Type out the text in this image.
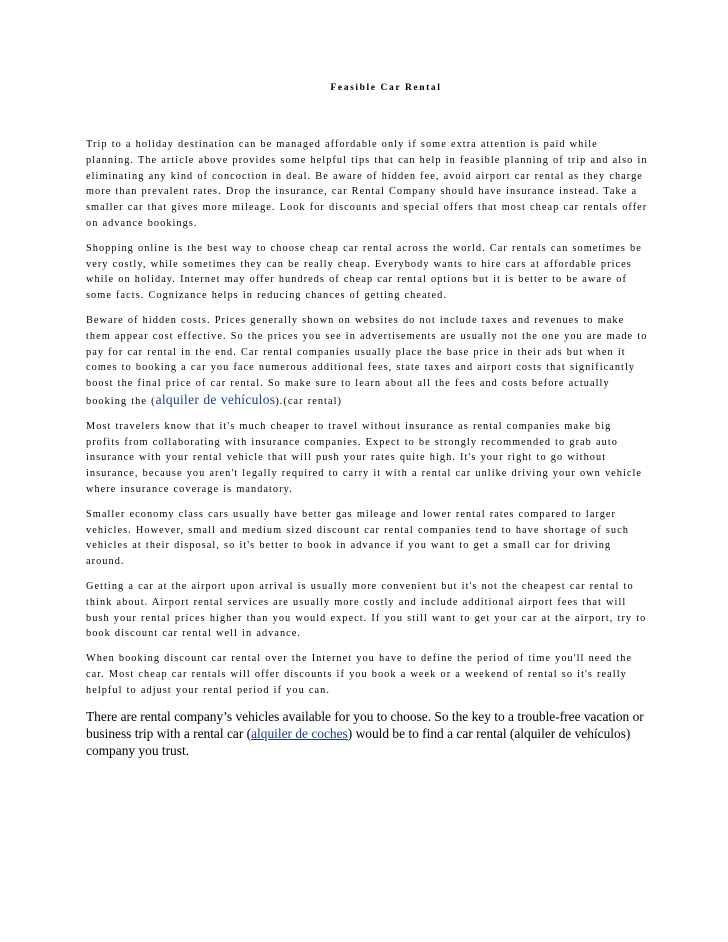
Feasible Car Rental

Trip to a holiday destination can be managed affordable only if some extra attention is paid while planning. The article above provides some helpful tips that can help in feasible planning of trip and also in eliminating any kind of concoction in deal. Be aware of hidden fee, avoid airport car rental as they charge more than prevalent rates. Drop the insurance, car Rental Company should have insurance instead. Take a smaller car that gives more mileage. Look for discounts and special offers that most cheap car rentals offer on advance bookings.

Shopping online is the best way to choose cheap car rental across the world. Car rentals can sometimes be very costly, while sometimes they can be really cheap. Everybody wants to hire cars at affordable prices while on holiday. Internet may offer hundreds of cheap car rental options but it is better to be aware of some facts. Cognizance helps in reducing chances of getting cheated.

Beware of hidden costs. Prices generally shown on websites do not include taxes and revenues to make them appear cost effective. So the prices you see in advertisements are usually not the one you are made to pay for car rental in the end. Car rental companies usually place the base price in their ads but when it comes to booking a car you face numerous additional fees, state taxes and airport costs that significantly boost the final price of car rental. So make sure to learn about all the fees and costs before actually booking the (alquiler de vehículos).(car rental)

Most travelers know that it's much cheaper to travel without insurance as rental companies make big profits from collaborating with insurance companies. Expect to be strongly recommended to grab auto insurance with your rental vehicle that will push your rates quite high. It's your right to go without insurance, because you aren't legally required to carry it with a rental car unlike driving your own vehicle where insurance coverage is mandatory.

Smaller economy class cars usually have better gas mileage and lower rental rates compared to larger vehicles. However, small and medium sized discount car rental companies tend to have shortage of such vehicles at their disposal, so it's better to book in advance if you want to get a small car for driving around.

Getting a car at the airport upon arrival is usually more convenient but it's not the cheapest car rental to think about. Airport rental services are usually more costly and include additional airport fees that will bush your rental prices higher than you would expect. If you still want to get your car at the airport, try to book discount car rental well in advance.

When booking discount car rental over the Internet you have to define the period of time you'll need the car. Most cheap car rentals will offer discounts if you book a week or a weekend of rental so it's really helpful to adjust your rental period if you can.

There are rental company’s vehicles available for you to choose. So the key to a trouble-free vacation or business trip with a rental car (alquiler de coches) would be to find a car rental (alquiler de vehículos) company you trust.
